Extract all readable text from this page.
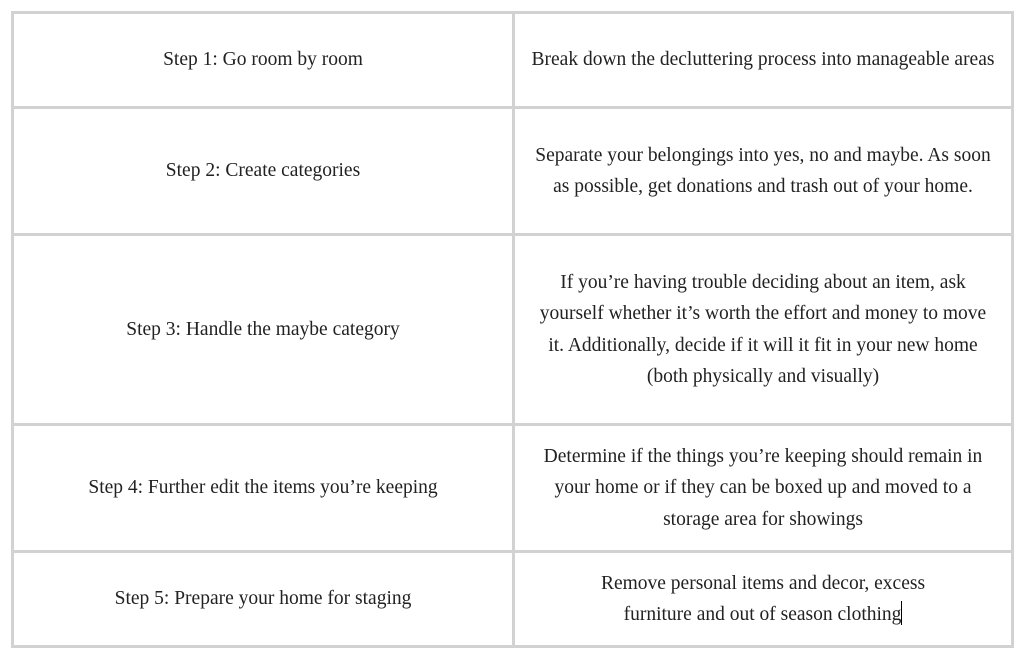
Step 1: Go room by room	Break down the decluttering process into manageable areas
Step 2: Create categories	Separate your belongings into yes, no and maybe. As soon as possible, get donations and trash out of your home.
Step 3: Handle the maybe category	If you’re having trouble deciding about an item, ask yourself whether it’s worth the effort and money to move it. Additionally, decide if it will it fit in your new home (both physically and visually)
Step 4: Further edit the items you’re keeping	Determine if the things you’re keeping should remain in your home or if they can be boxed up and moved to a storage area for showings
Step 5: Prepare your home for staging	Remove personal items and decor, excess furniture and out of season clothing
